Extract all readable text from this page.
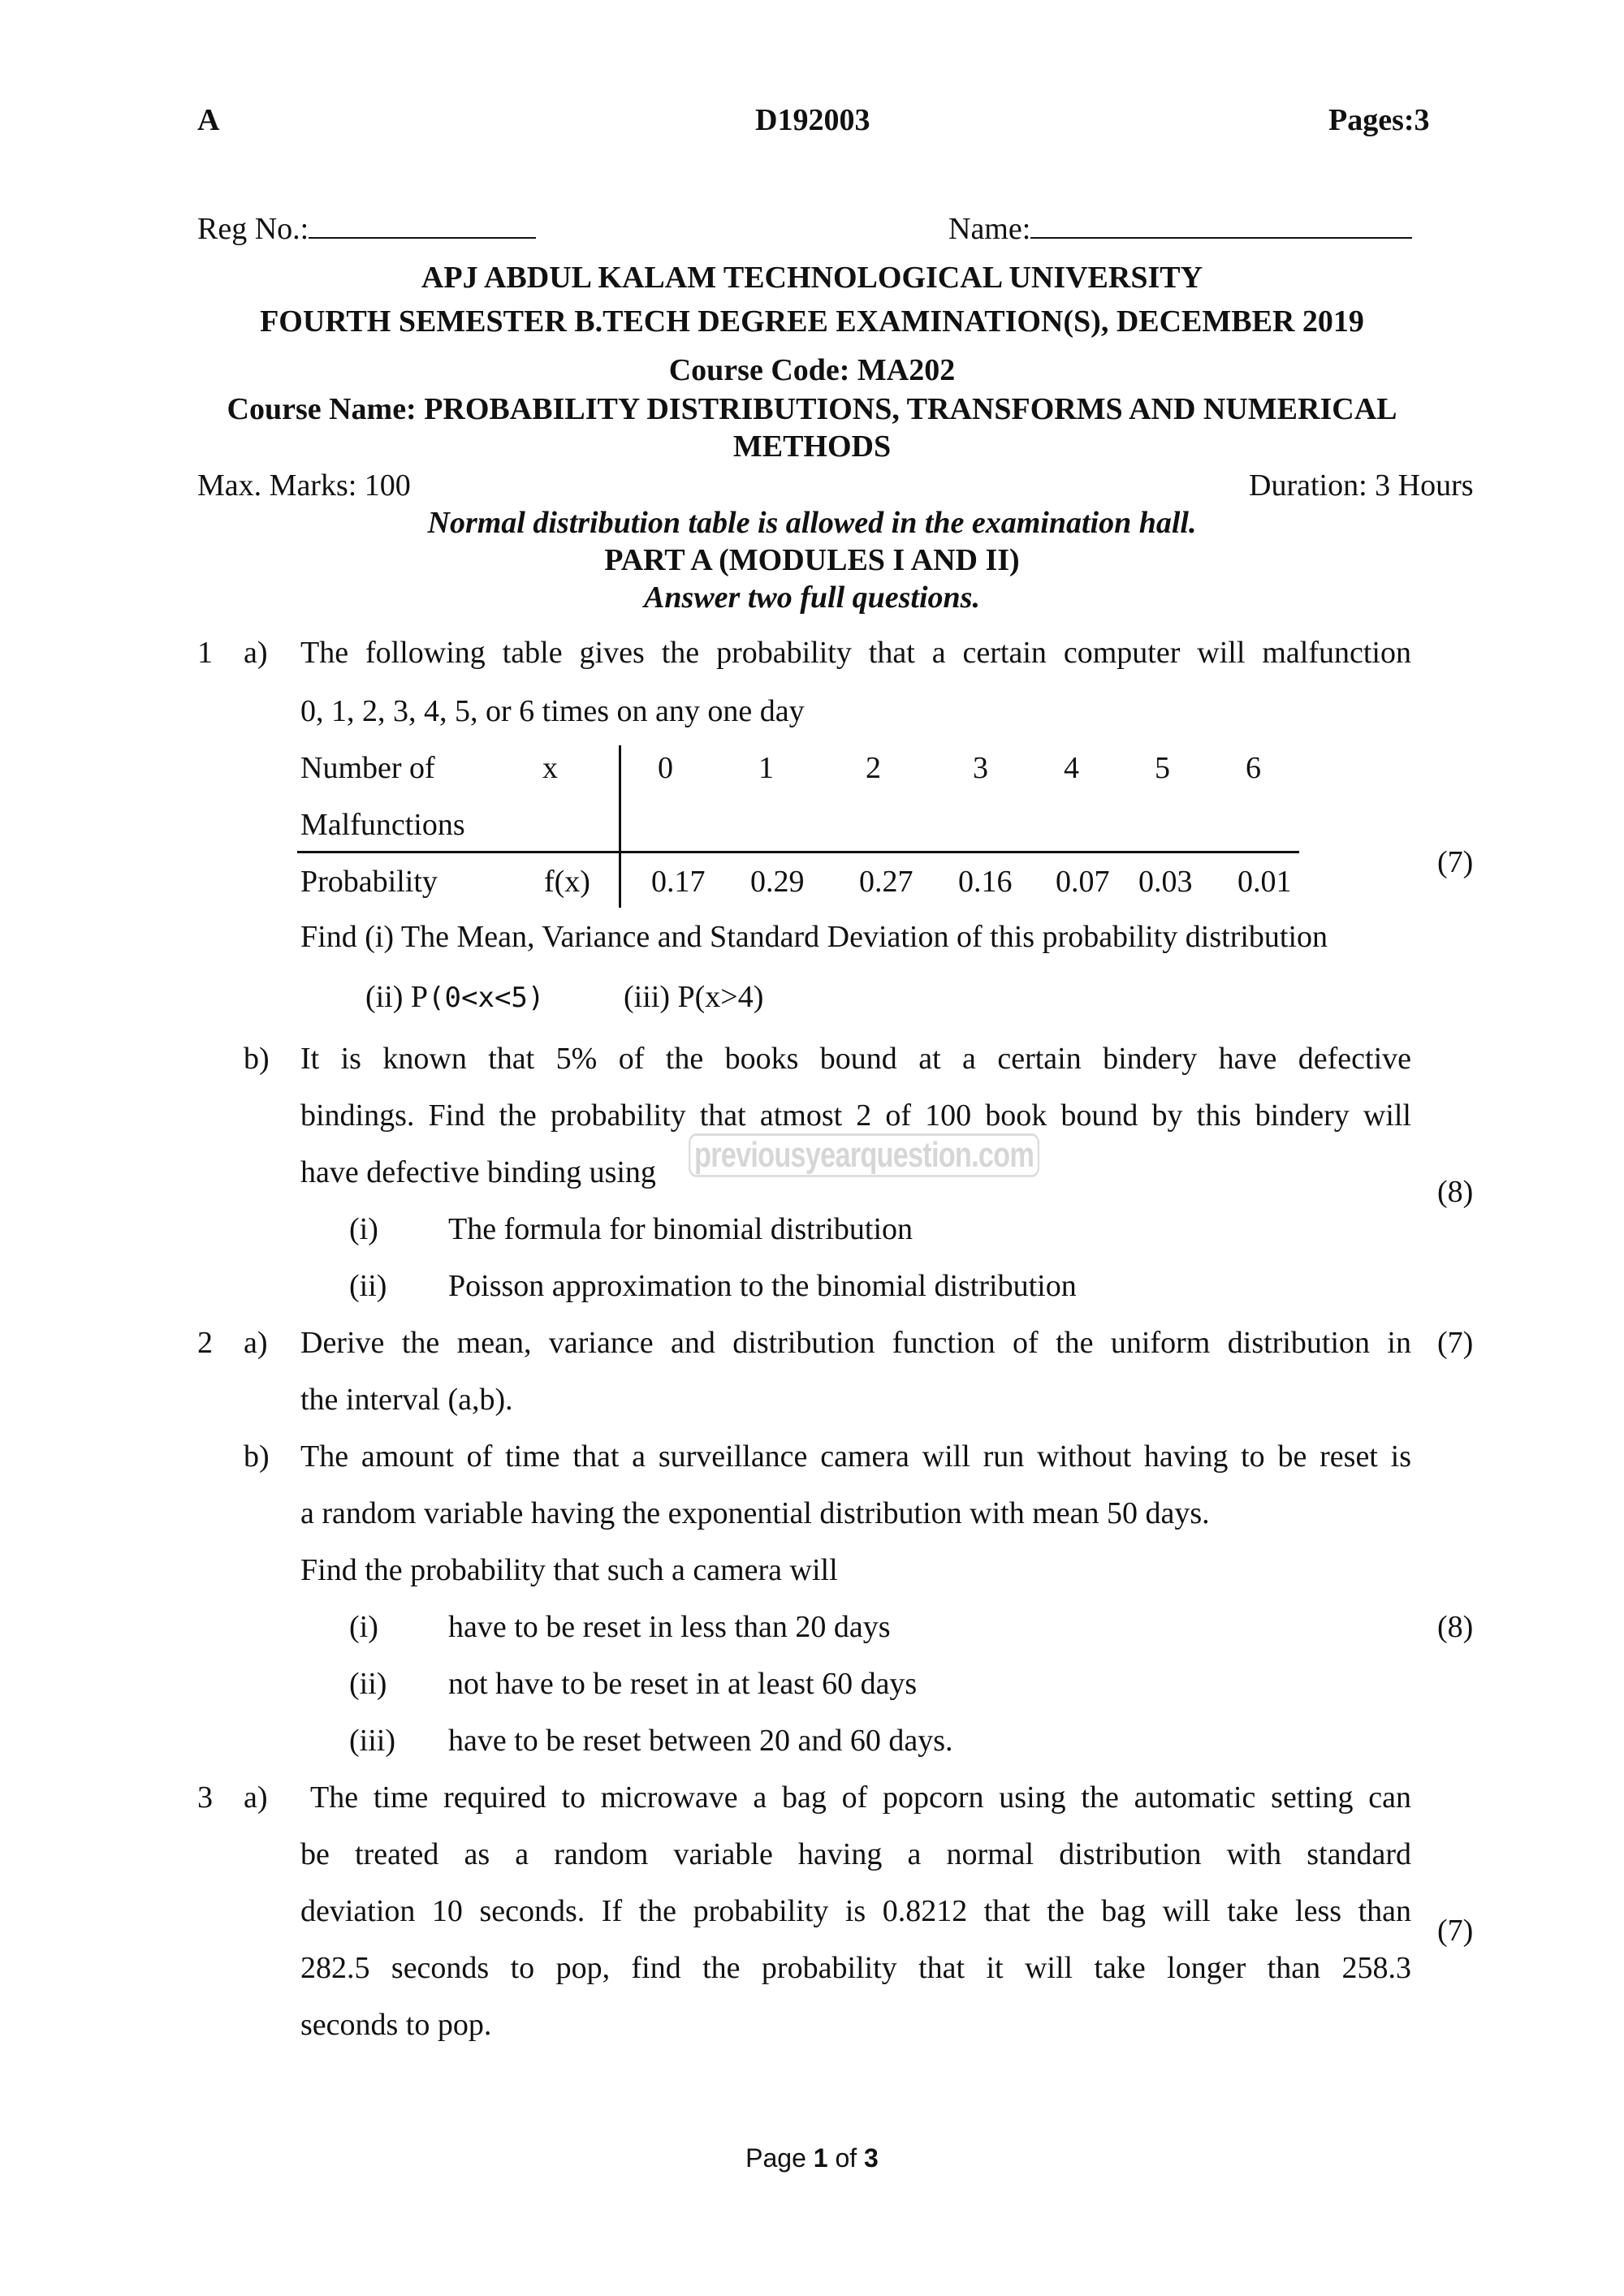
A	D192003	Pages:3
Reg No.:	Name:
APJ ABDUL KALAM TECHNOLOGICAL UNIVERSITY
FOURTH SEMESTER B.TECH DEGREE EXAMINATION(S), DECEMBER 2019
Course Code: MA202
Course Name: PROBABILITY DISTRIBUTIONS, TRANSFORMS AND NUMERICAL
METHODS
Max. Marks: 100	Duration: 3 Hours
Normal distribution table is allowed in the examination hall.
PART A (MODULES I AND II)
Answer two full questions.
1 a) The following table gives the probability that a certain computer will malfunction
0, 1, 2, 3, 4, 5, or 6 times on any one day
Number of
Malfunctions
x	0	1	2	3 4 5 6
Probability	f(x) 0.17 0.29 0.27 0.16 0.07 0.03 0.01
(7)
Find (i) The Mean, Variance and Standard Deviation of this probability distribution
(ii) P(0<x<5)	(iii) P(x>4)
b) It is known that 5% of the books bound at a certain bindery have defective
bindings. Find the probability that atmost 2 of 100 book bound by this bindery will
have defective binding using previousyearquestion.com
(8)
(i) The formula for binomial distribution
(ii) Poisson approximation to the binomial distribution
2 a) Derive the mean, variance and distribution function of the uniform distribution in (7)
the interval (a,b).
b) The amount of time that a surveillance camera will run without having to be reset is
a random variable having the exponential distribution with mean 50 days.
Find the probability that such a camera will
(i) have to be reset in less than 20 days	(8)
(ii) not have to be reset in at least 60 days
(iii) have to be reset between 20 and 60 days.
3 a) The time required to microwave a bag of popcorn using the automatic setting can
be treated as a random variable having a normal distribution with standard
deviation 10 seconds. If the probability is 0.8212 that the bag will take less than
(7)
282.5 seconds to pop, find the probability that it will take longer than 258.3
seconds to pop.
Page 1 of 3
